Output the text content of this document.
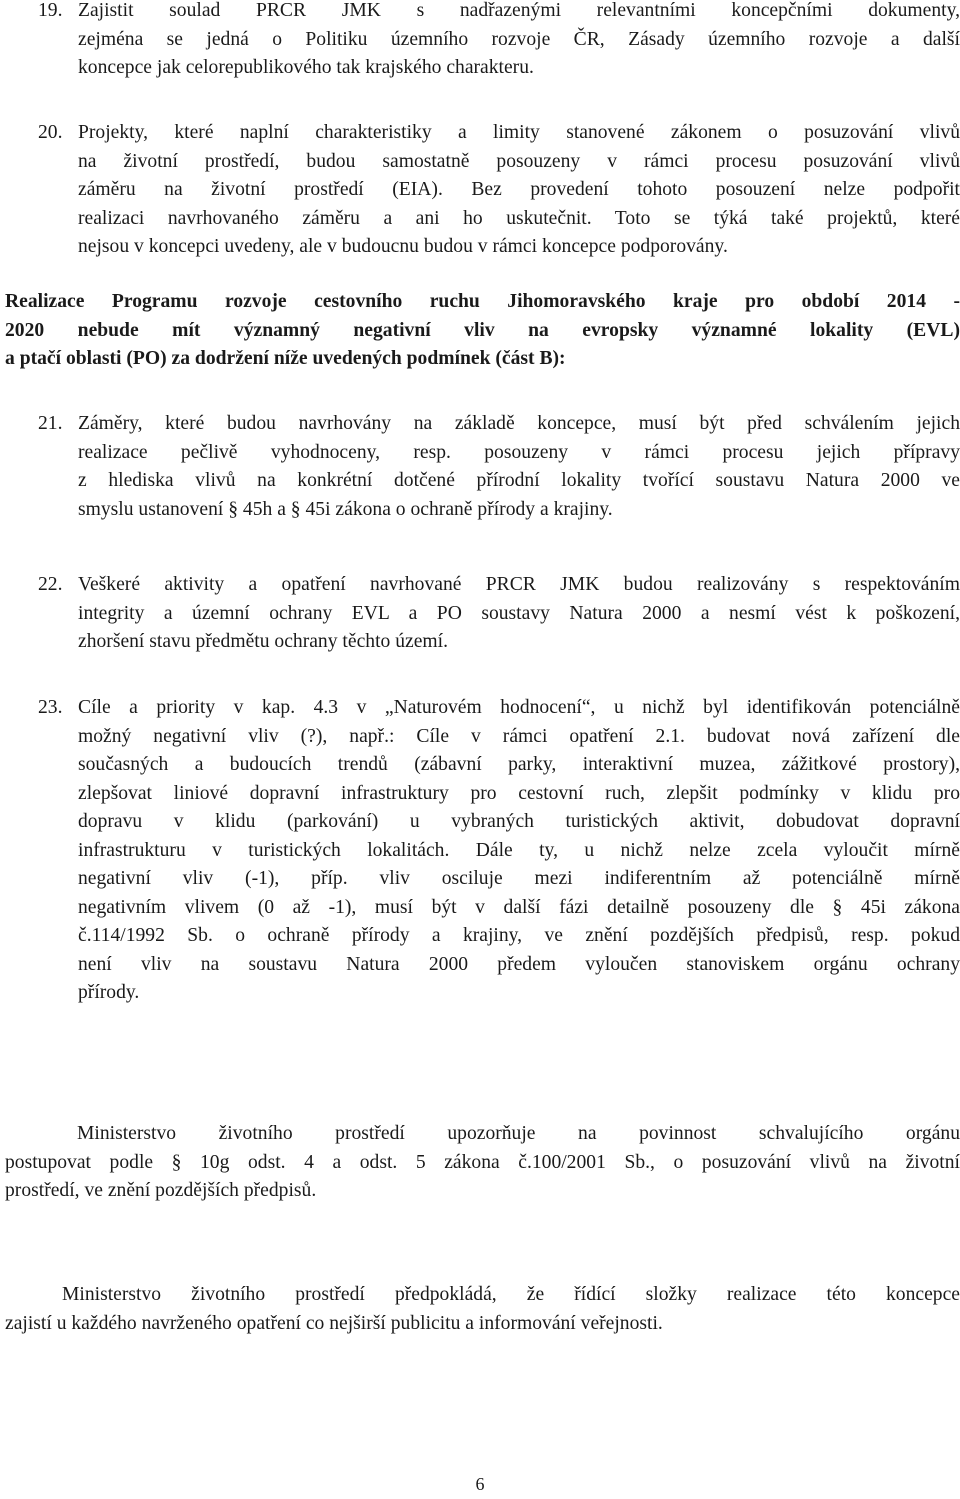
19. Zajistit soulad PRCR JMK s nadřazenými relevantními koncepčními dokumenty,
zejména se jedná o Politiku územního rozvoje ČR, Zásady územního rozvoje a další
koncepce jak celorepublikového tak krajského charakteru.
20. Projekty, které naplní charakteristiky a limity stanovené zákonem o posuzování vlivů
na životní prostředí, budou samostatně posouzeny v rámci procesu posuzování vlivů
záměru na životní prostředí (EIA). Bez provedení tohoto posouzení nelze podpořit
realizaci navrhovaného záměru a ani ho uskutečnit. Toto se týká také projektů, které
nejsou v koncepci uvedeny, ale v budoucnu budou v rámci koncepce podporovány.
Realizace Programu rozvoje cestovního ruchu Jihomoravského kraje pro období 2014 -
2020 nebude mít významný negativní vliv na evropsky významné lokality (EVL)
a ptačí oblasti (PO) za dodržení níže uvedených podmínek (část B):
21. Záměry, které budou navrhovány na základě koncepce, musí být před schválením jejich
realizace pečlivě vyhodnoceny, resp. posouzeny v rámci procesu jejich přípravy
z hlediska vlivů na konkrétní dotčené přírodní lokality tvořící soustavu Natura 2000 ve
smyslu ustanovení § 45h a § 45i zákona o ochraně přírody a krajiny.
22. Veškeré aktivity a opatření navrhované PRCR JMK budou realizovány s respektováním
integrity a územní ochrany EVL a PO soustavy Natura 2000 a nesmí vést k poškození,
zhoršení stavu předmětu ochrany těchto území.
23. Cíle a priority v kap. 4.3 v „Naturovém hodnocení“, u nichž byl identifikován potenciálně
možný negativní vliv (?), např.: Cíle v rámci opatření 2.1. budovat nová zařízení dle
současných a budoucích trendů (zábavní parky, interaktivní muzea, zážitkové prostory),
zlepšovat liniové dopravní infrastruktury pro cestovní ruch, zlepšit podmínky v klidu pro
dopravu v klidu (parkování) u vybraných turistických aktivit, dobudovat dopravní
infrastrukturu v turistických lokalitách. Dále ty, u nichž nelze zcela vyloučit mírně
negativní vliv (-1), příp. vliv osciluje mezi indiferentním až potenciálně mírně
negativním vlivem (0 až -1), musí být v další fázi detailně posouzeny dle § 45i zákona
č.114/1992 Sb. o ochraně přírody a krajiny, ve znění pozdějších předpisů, resp. pokud
není vliv na soustavu Natura 2000 předem vyloučen stanoviskem orgánu ochrany
přírody.
Ministerstvo životního prostředí upozorňuje na povinnost schvalujícího orgánu
postupovat podle § 10g odst. 4 a odst. 5 zákona č.100/2001 Sb., o posuzování vlivů na životní
prostředí, ve znění pozdějších předpisů.
Ministerstvo životního prostředí předpokládá, že řídící složky realizace této koncepce
zajistí u každého navrženého opatření co nejširší publicitu a informování veřejnosti.
6
